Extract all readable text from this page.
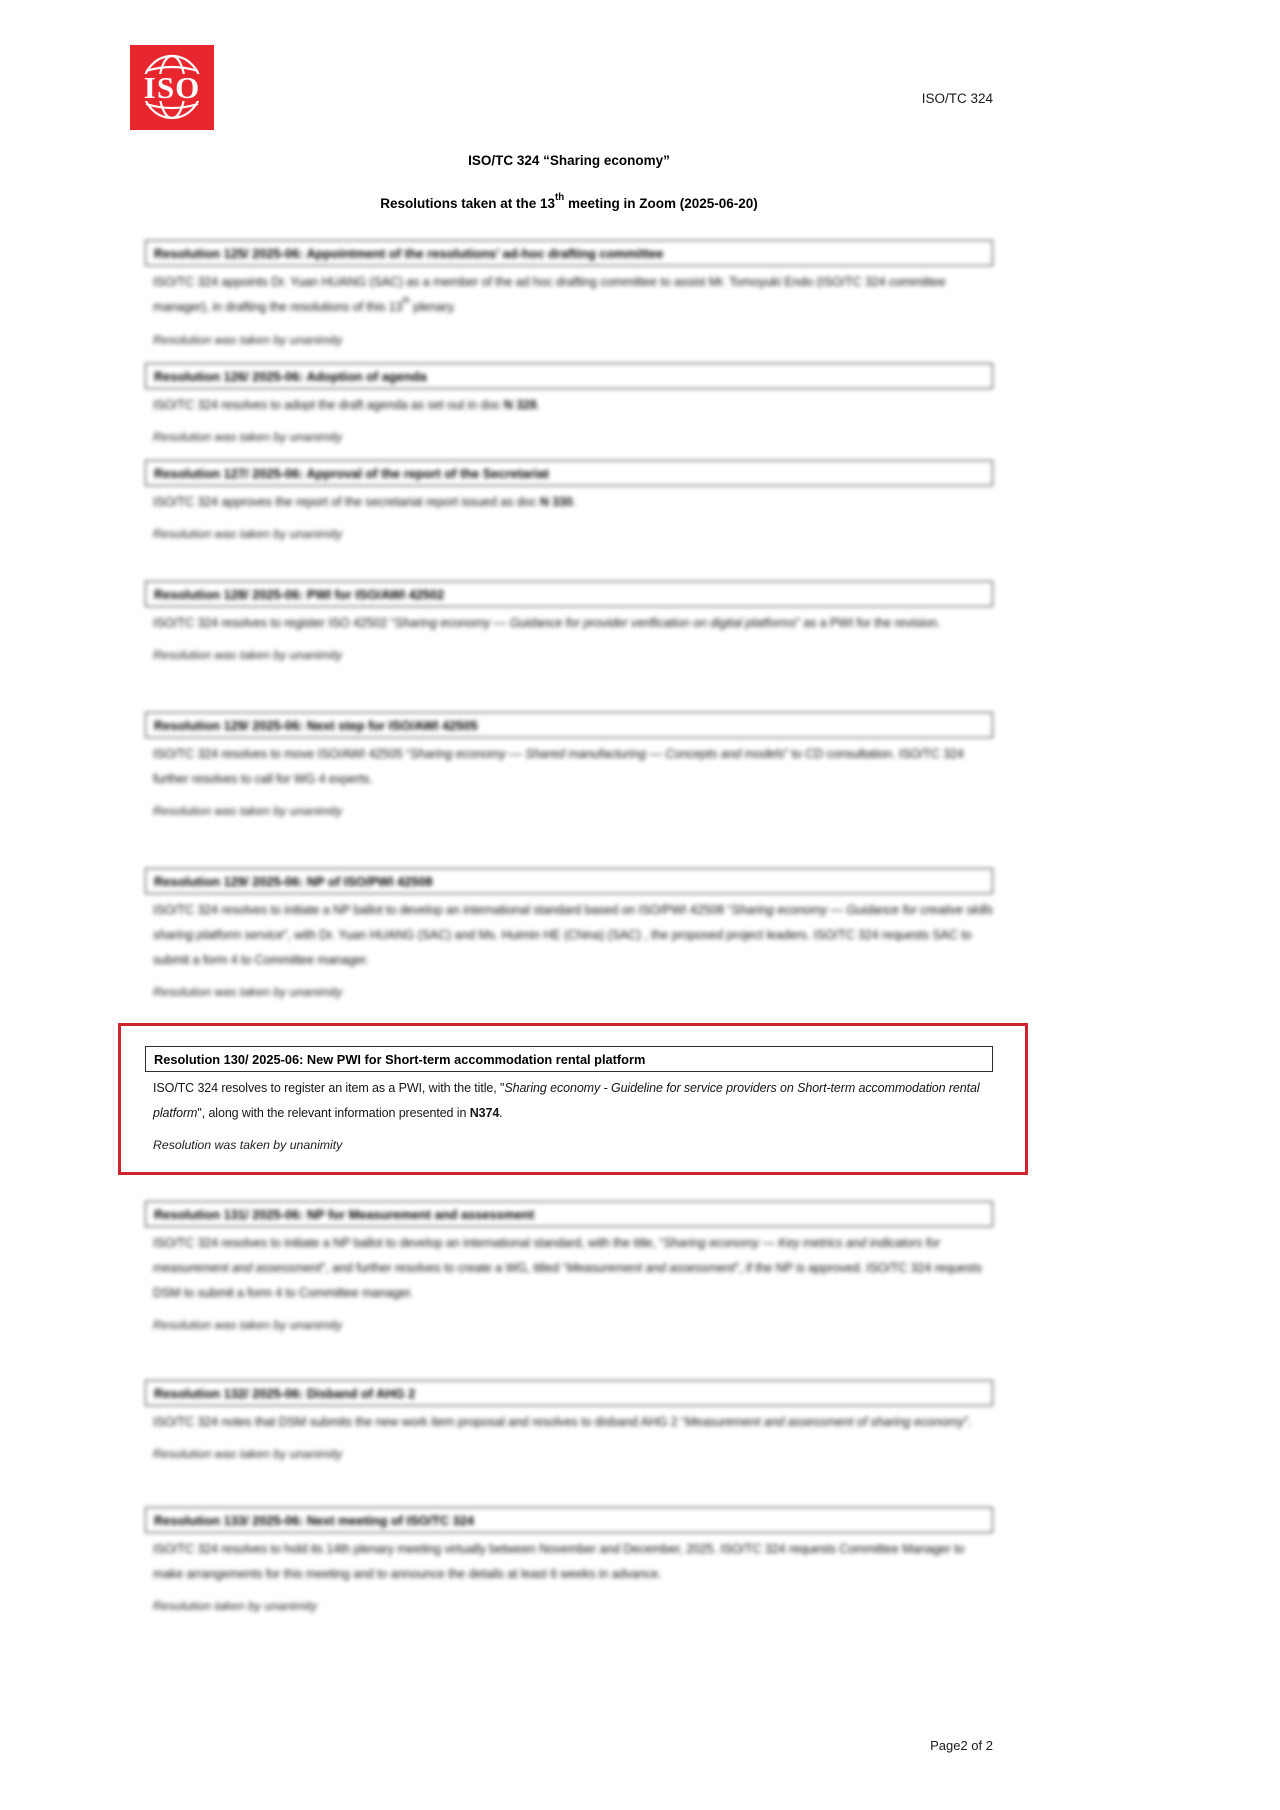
ISO	ISO/TC 324
ISO/TC 324 “Sharing economy”
Resolutions taken at the 13th meeting in Zoom (2025-06-20)
Resolution 125/ 2025-06: Appointment of the resolutions’ ad-hoc drafting committee

ISO/TC 324 appoints Dr. Yuan HUANG (SAC) as a member of the ad hoc drafting committee to assist Mr. Tomoyuki Endo (ISO/TC 324 committee manager), in drafting the resolutions of this 13th plenary.

Resolution was taken by unanimity

Resolution 126/ 2025-06: Adoption of agenda

ISO/TC 324 resolves to adopt the draft agenda as set out in doc N 328.

Resolution was taken by unanimity

Resolution 127/ 2025-06: Approval of the report of the Secretariat

ISO/TC 324 approves the report of the secretariat report issued as doc N 330.

Resolution was taken by unanimity

Resolution 128/ 2025-06: PWI for ISO/AWI 42502

ISO/TC 324 resolves to register ISO 42502 “Sharing economy — Guidance for provider verification on digital platforms” as a PWI for the revision.

Resolution was taken by unanimity

Resolution 129/ 2025-06: Next step for ISO/AWI 42505

ISO/TC 324 resolves to move ISO/AWI 42505 “Sharing economy — Shared manufacturing — Concepts and models” to CD consultation. ISO/TC 324 further resolves to call for WG 4 experts.

Resolution was taken by unanimity

Resolution 129/ 2025-06: NP of ISO/PWI 42508

ISO/TC 324 resolves to initiate a NP ballot to develop an international standard based on ISO/PWI 42508 “Sharing economy — Guidance for creative skills sharing platform service”, with Dr. Yuan HUANG (SAC) and Ms. Huimin HE (China) (SAC) , the proposed project leaders. ISO/TC 324 requests SAC to submit a form 4 to Committee manager.

Resolution was taken by unanimity

Resolution 130/ 2025-06: New PWI for Short-term accommodation rental platform

ISO/TC 324 resolves to register an item as a PWI, with the title, "Sharing economy - Guideline for service providers on Short-term accommodation rental platform", along with the relevant information presented in N374.

Resolution was taken by unanimity

Resolution 131/ 2025-06: NP for Measurement and assessment

ISO/TC 324 resolves to initiate a NP ballot to develop an international standard, with the title, “Sharing economy — Key metrics and indicators for measurement and assessment”, and further resolves to create a WG, titled “Measurement and assessment”, if the NP is approved. ISO/TC 324 requests DSM to submit a form 4 to Committee manager.

Resolution was taken by unanimity

Resolution 132/ 2025-06: Disband of AHG 2

ISO/TC 324 notes that DSM submits the new work item proposal and resolves to disband AHG 2 “Measurement and assessment of sharing economy”.

Resolution was taken by unanimity

Resolution 133/ 2025-06: Next meeting of ISO/TC 324

ISO/TC 324 resolves to hold its 14th plenary meeting virtually between November and December, 2025. ISO/TC 324 requests Committee Manager to make arrangements for this meeting and to announce the details at least 6 weeks in advance.

Resolution taken by unanimity

Page2 of 2
